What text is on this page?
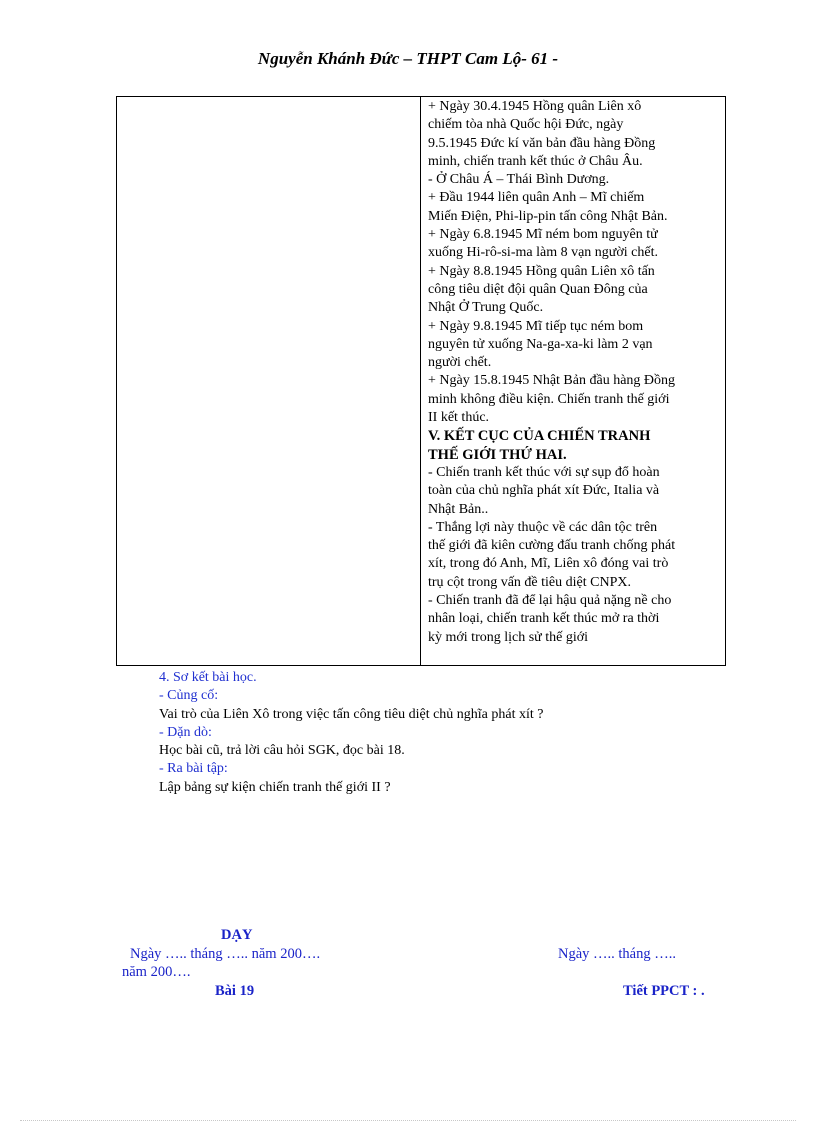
Nguyễn Khánh Đức – THPT Cam Lộ- 61 -
+ Ngày 30.4.1945 Hồng quân Liên xô
chiếm tòa nhà Quốc hội Đức, ngày
9.5.1945 Đức kí văn bản đầu hàng Đồng
minh, chiến tranh kết thúc ở Châu Âu.
- Ở Châu Á – Thái Bình Dương.
+ Đầu 1944 liên quân Anh – Mĩ chiếm
Miến Điện, Phi-lip-pin tấn công Nhật Bản.
+ Ngày 6.8.1945 Mĩ ném bom nguyên tử
xuống Hi-rô-si-ma làm 8 vạn người chết.
+ Ngày 8.8.1945 Hồng quân Liên xô tấn
công tiêu diệt đội quân Quan Đông của
Nhật Ở Trung Quốc.
+ Ngày 9.8.1945 Mĩ tiếp tục ném bom
nguyên tử xuống Na-ga-xa-ki làm 2 vạn
người chết.
+ Ngày 15.8.1945 Nhật Bản đầu hàng Đồng
minh không điều kiện. Chiến tranh thế giới
II kết thúc.
V. KẾT CỤC CỦA CHIẾN TRANH
THẾ GIỚI THỨ HAI.
- Chiến tranh kết thúc với sự sụp đổ hoàn
toàn của chủ nghĩa phát xít Đức, Italia và
Nhật Bản..
- Thắng lợi này thuộc về các dân tộc trên
thế giới đã kiên cường đấu tranh chống phát
xít, trong đó Anh, Mĩ, Liên xô đóng vai trò
trụ cột trong vấn đề tiêu diệt CNPX.
- Chiến tranh đã để lại hậu quả nặng nề cho
nhân loại, chiến tranh kết thúc mở ra thời
kỳ mới trong lịch sử thế giới
4. Sơ kết bài học.
- Củng cố:
Vai trò của Liên Xô trong việc tấn công tiêu diệt chủ nghĩa phát xít ?
- Dặn dò:
Học bài cũ, trả lời câu hỏi SGK, đọc bài 18.
- Ra bài tập:
Lập bảng sự kiện chiến tranh thế giới II ?
DẠY
Ngày ….. tháng ….. năm 200….	Ngày ….. tháng …..
năm 200….
Bài 19	Tiết PPCT : .
